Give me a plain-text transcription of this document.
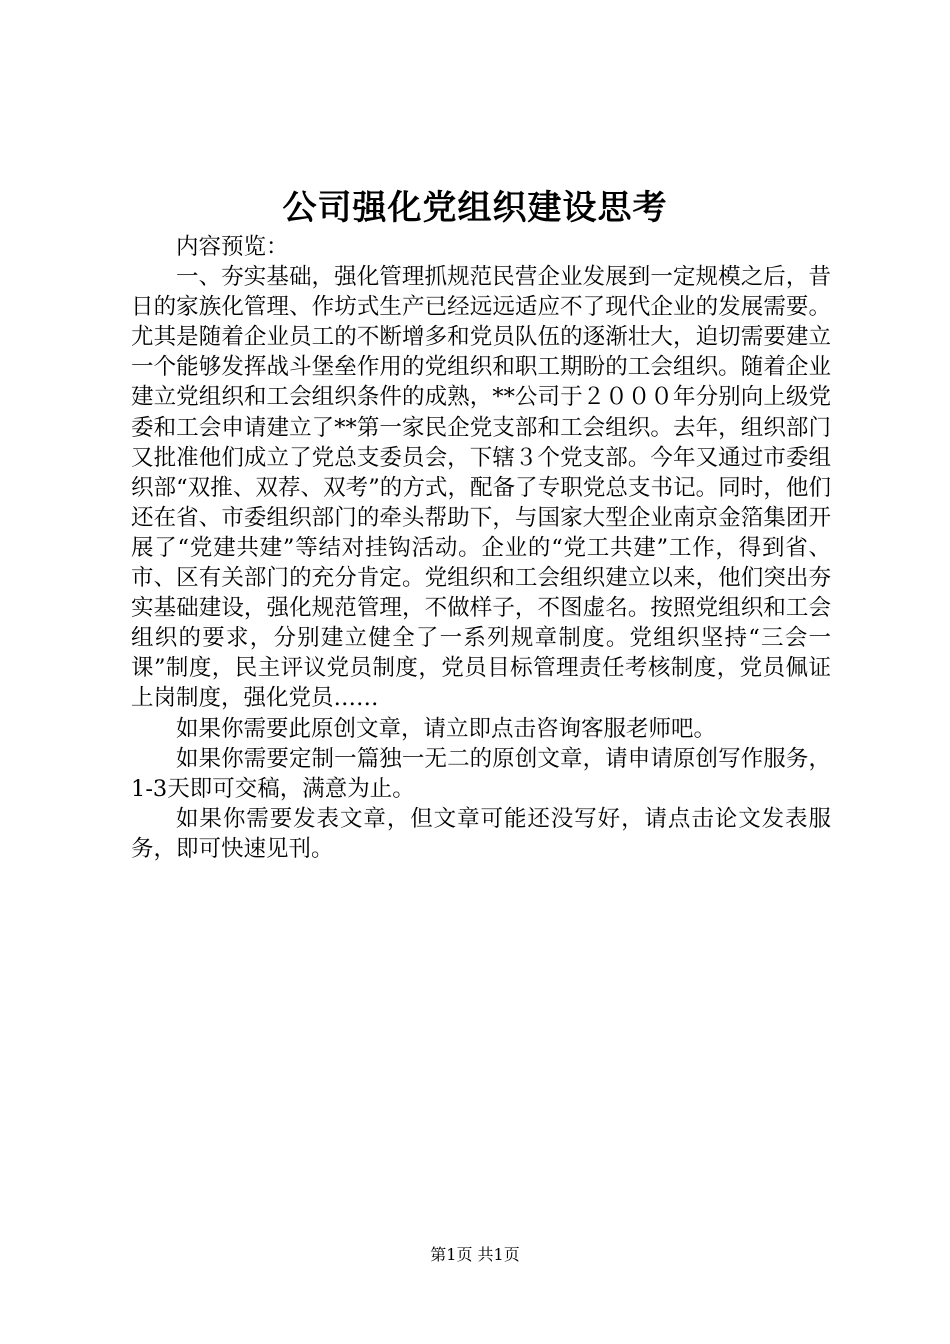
公司强化党组织建设思考

内容预览：

一、夯实基础，强化管理抓规范民营企业发展到一定规模之后，昔日的家族化管理、作坊式生产已经远远适应不了现代企业的发展需要。尤其是随着企业员工的不断增多和党员队伍的逐渐壮大，迫切需要建立一个能够发挥战斗堡垒作用的党组织和职工期盼的工会组织。随着企业建立党组织和工会组织条件的成熟，**公司于２０００年分别向上级党委和工会申请建立了**第一家民企党支部和工会组织。去年，组织部门又批准他们成立了党总支委员会，下辖３个党支部。今年又通过市委组织部“双推、双荐、双考”的方式，配备了专职党总支书记。同时，他们还在省、市委组织部门的牵头帮助下，与国家大型企业南京金箔集团开展了“党建共建”等结对挂钩活动。企业的“党工共建”工作，得到省、市、区有关部门的充分肯定。党组织和工会组织建立以来，他们突出夯实基础建设，强化规范管理，不做样子，不图虚名。按照党组织和工会组织的要求，分别建立健全了一系列规章制度。党组织坚持“三会一课”制度，民主评议党员制度，党员目标管理责任考核制度，党员佩证上岗制度，强化党员……

如果你需要此原创文章，请立即点击咨询客服老师吧。

如果你需要定制一篇独一无二的原创文章，请申请原创写作服务，1-3天即可交稿，满意为止。

如果你需要发表文章，但文章可能还没写好，请点击论文发表服务，即可快速见刊。

第1页 共1页
